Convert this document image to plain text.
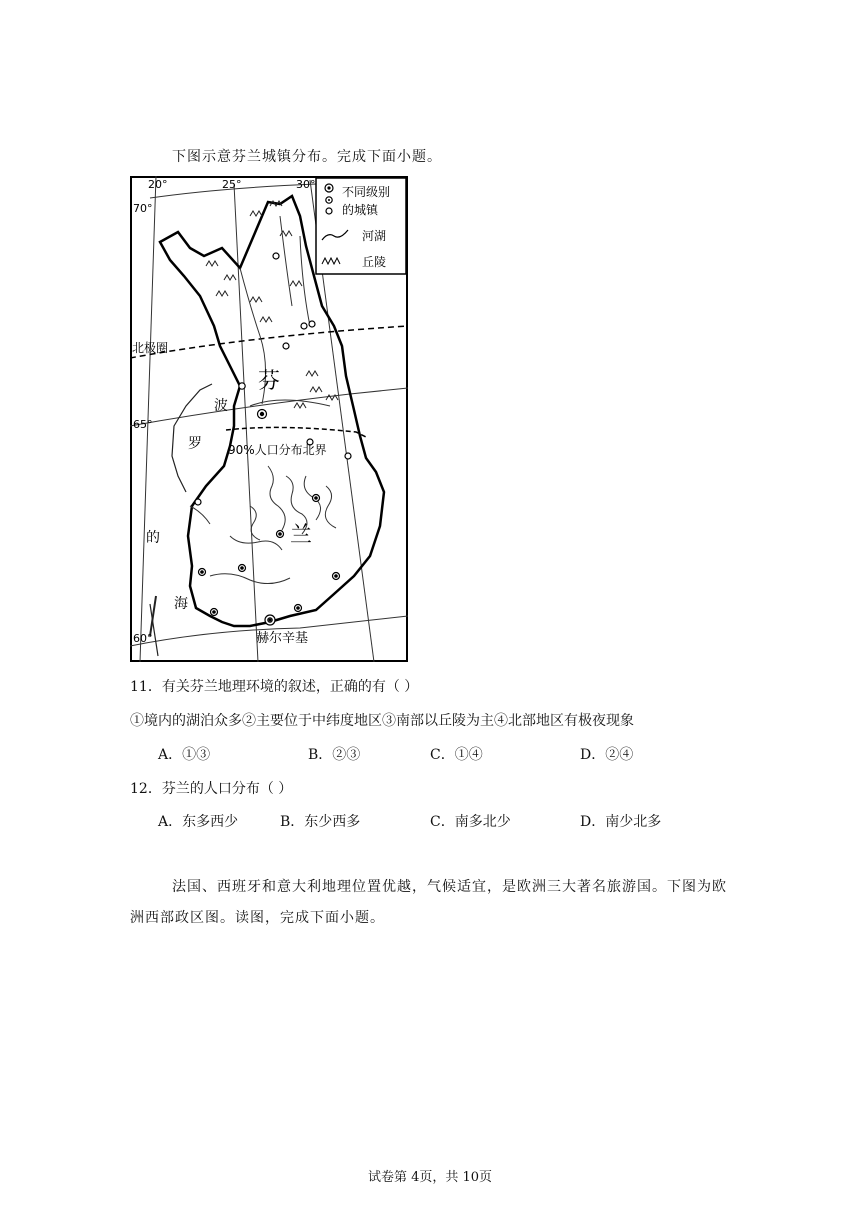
下图示意芬兰城镇分布。完成下面小题。
20°	25°	30°
70°
65°
60°
北极圈
芬
兰
波
罗
的
海
90%人口分布北界
赫尔辛基
不同级别
的城镇
河湖
丘陵
11．有关芬兰地理环境的叙述，正确的有（ ）
①境内的湖泊众多②主要位于中纬度地区③南部以丘陵为主④北部地区有极夜现象
A．①③	B．②③	C．①④	D．②④
12．芬兰的人口分布（ ）
A．东多西少	B．东少西多	C．南多北少	D．南少北多
法国、西班牙和意大利地理位置优越，气候适宜，是欧洲三大著名旅游国。下图为欧
洲西部政区图。读图，完成下面小题。
试卷第 4页，共 10页
